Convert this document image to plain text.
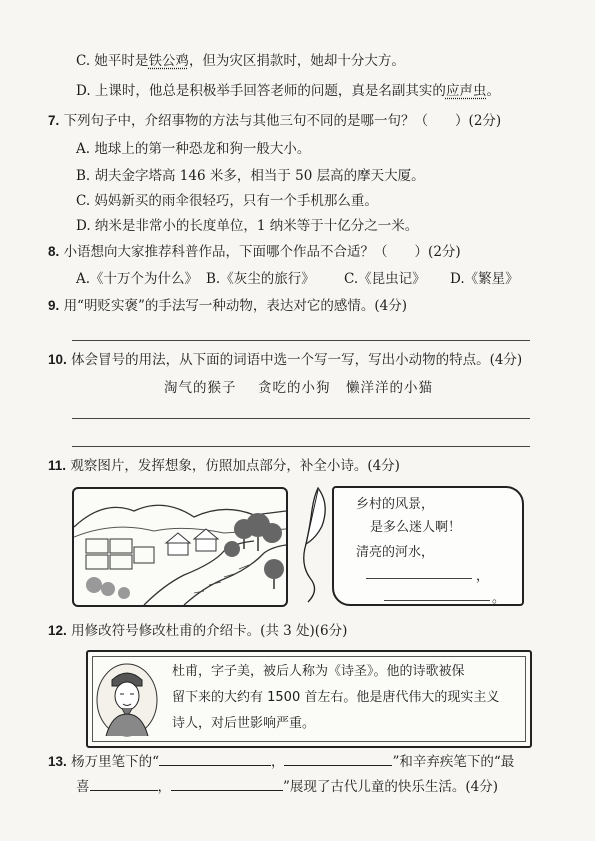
C. 她平时是铁公鸡，但为灾区捐款时，她却十分大方。
D. 上课时，他总是积极举手回答老师的问题，真是名副其实的应声虫。
7. 下列句子中，介绍事物的方法与其他三句不同的是哪一句？（　　）(2分)
A. 地球上的第一种恐龙和狗一般大小。
B. 胡夫金字塔高 146 米多，相当于 50 层高的摩天大厦。
C. 妈妈新买的雨伞很轻巧，只有一个手机那么重。
D. 纳米是非常小的长度单位，1 纳米等于十亿分之一米。
8. 小语想向大家推荐科普作品，下面哪个作品不合适？（　　）(2分)
A.《十万个为什么》 B.《灰尘的旅行》 C.《昆虫记》 D.《繁星》
9. 用“明贬实褒”的手法写一种动物，表达对它的感情。(4分)
10. 体会冒号的用法，从下面的词语中选一个写一写，写出小动物的特点。(4分)
淘气的猴子 贪吃的小狗 懒洋洋的小猫
11. 观察图片，发挥想象，仿照加点部分，补全小诗。(4分)
乡村的风景，
是多么迷人啊！
清亮的河水，
，
。
12. 用修改符号修改杜甫的介绍卡。(共 3 处)(6分)
杜甫，字子美，被后人称为《诗圣》。他的诗歌被保
留下来的大约有 1500 首左右。他是唐代伟大的现实主义
诗人，对后世影响严重。
13. 杨万里笔下的“	，	”和辛弃疾笔下的“最
喜	，	”展现了古代儿童的快乐生活。(4分)
